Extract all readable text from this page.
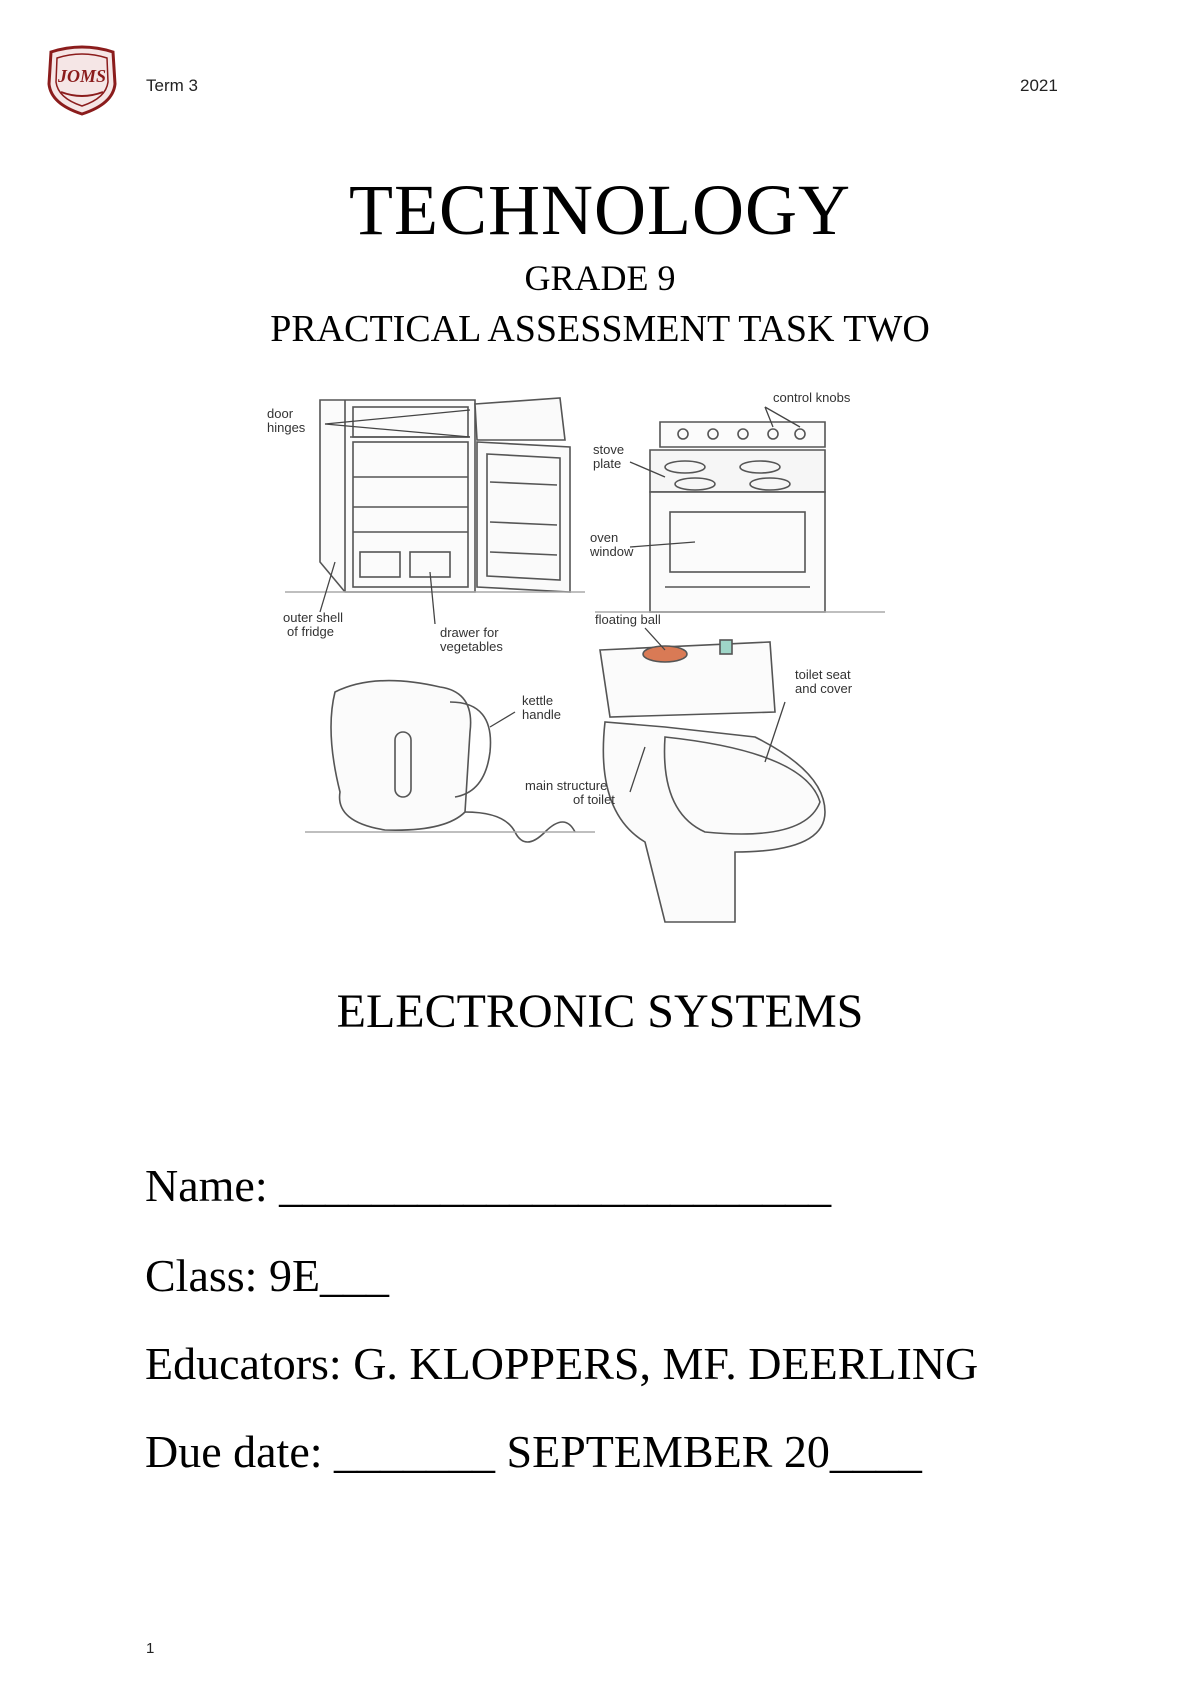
JOMS Term 3	2021
TECHNOLOGY
GRADE 9
PRACTICAL ASSESSMENT TASK TWO
door
hinges
outer shell
of fridge	drawer for
vegetables
control knobs
stove
plate
oven
window
floating ball
toilet seat
and cover
kettle
handle
main structure
of toilet
ELECTRONIC SYSTEMS
Name: ________________________
Class: 9E___
Educators: G. KLOPPERS, MF. DEERLING
Due date: _______ SEPTEMBER 20____
1
